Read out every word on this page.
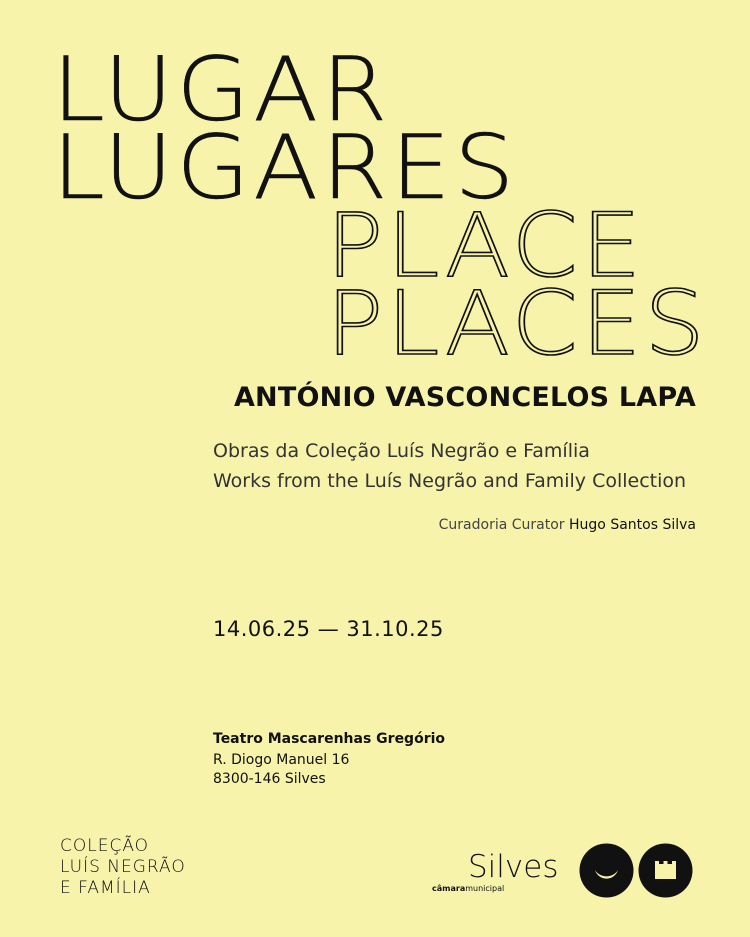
LUGAR
LUGARES
PLACE
PLACES
ANTÓNIO VASCONCELOS LAPA
Obras da Coleção Luís Negrão e Família
Works from the Luís Negrão and Family Collection
Curadoria Curator Hugo Santos Silva
14.06.25 — 31.10.25
Teatro Mascarenhas Gregório
R. Diogo Manuel 16
8300-146 Silves
COLEÇÃO
LUÍS NEGRÃO
E FAMÍLIA
Silves
câmaramunicipal
